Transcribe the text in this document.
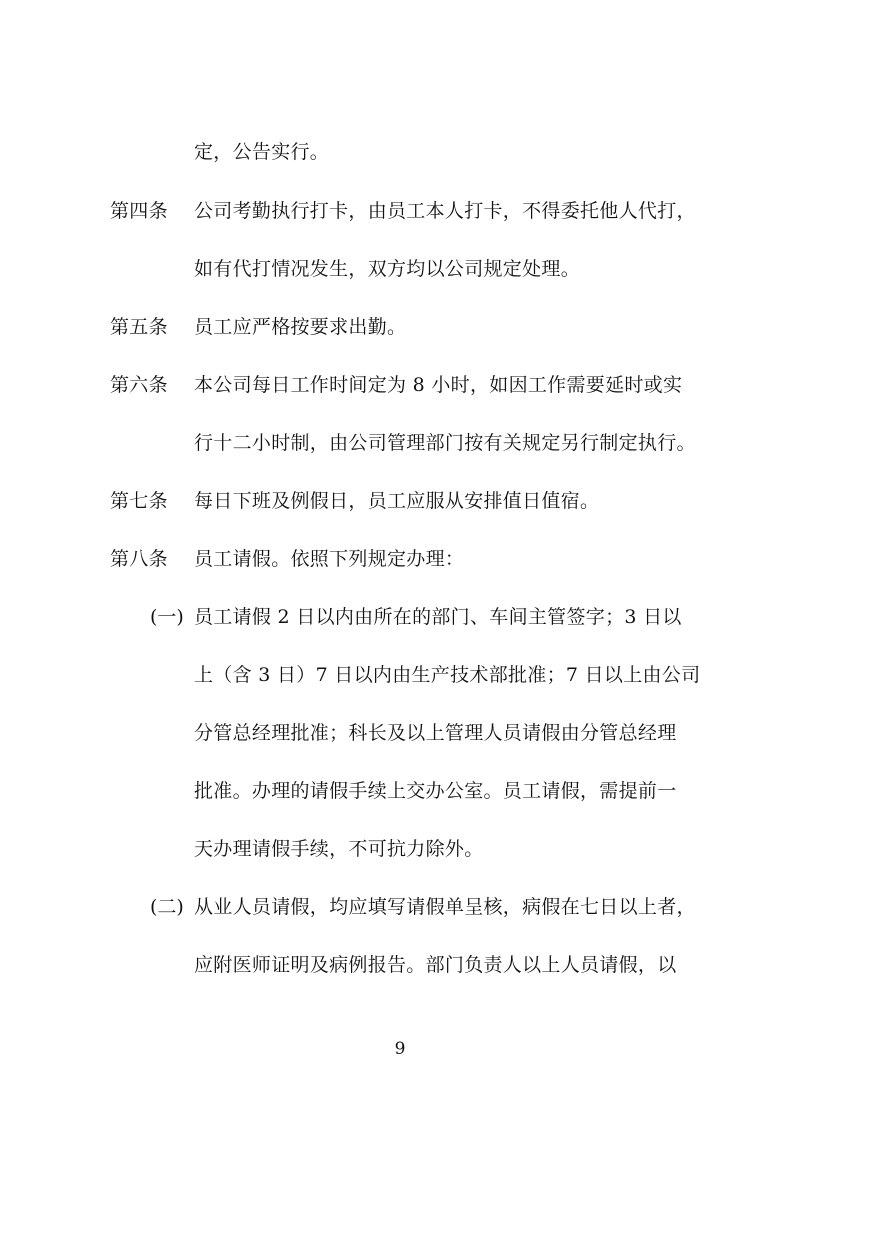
定，公告实行。
第四条 公司考勤执行打卡，由员工本人打卡，不得委托他人代打，
如有代打情况发生，双方均以公司规定处理。
第五条 员工应严格按要求出勤。
第六条 本公司每日工作时间定为 8 小时，如因工作需要延时或实
行十二小时制，由公司管理部门按有关规定另行制定执行。
第七条 每日下班及例假日，员工应服从安排值日值宿。
第八条 员工请假。依照下列规定办理：
(一) 员工请假 2 日以内由所在的部门、车间主管签字；3 日以
上（含 3 日）7 日以内由生产技术部批准；7 日以上由公司
分管总经理批准；科长及以上管理人员请假由分管总经理
批准。办理的请假手续上交办公室。员工请假，需提前一
天办理请假手续，不可抗力除外。
(二) 从业人员请假，均应填写请假单呈核，病假在七日以上者，
应附医师证明及病例报告。部门负责人以上人员请假，以
9
